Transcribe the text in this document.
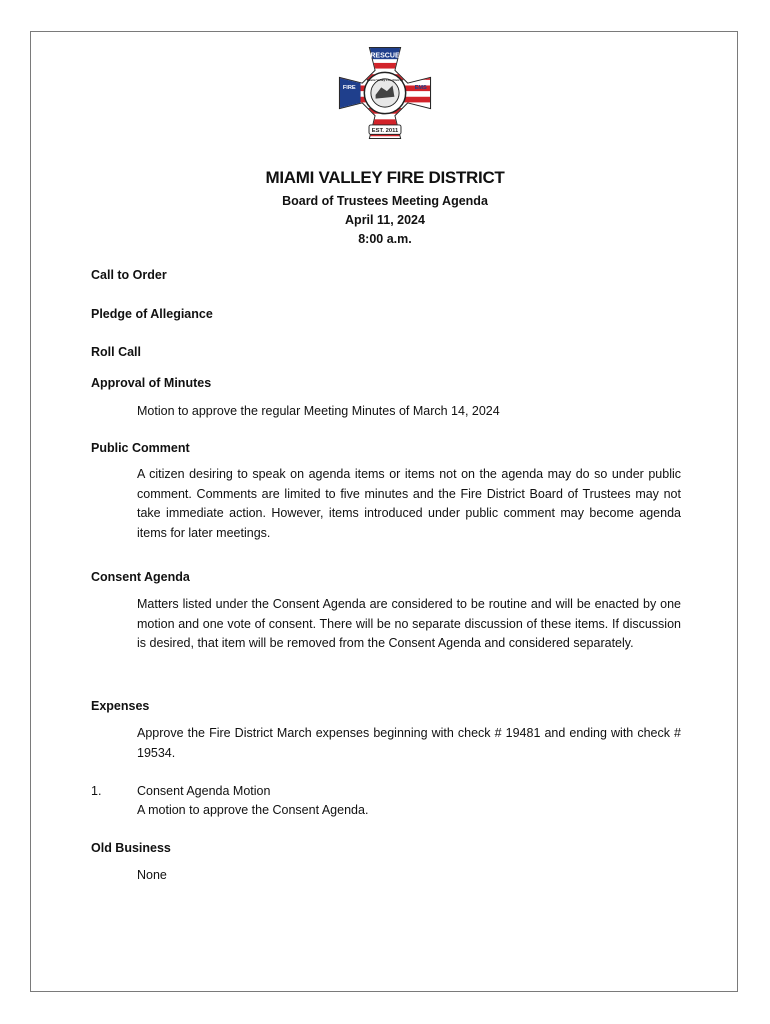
RESCUE
FIRE	EMS
Miami Valley Fire District
EST. 2011
MIAMI VALLEY FIRE DISTRICT
Board of Trustees Meeting Agenda
April 11, 2024
8:00 a.m.
Call to Order
Pledge of Allegiance
Roll Call
Approval of Minutes
Motion to approve the regular Meeting Minutes of March 14, 2024
Public Comment
A citizen desiring to speak on agenda items or items not on the agenda may do so under public comment. Comments are limited to five minutes and the Fire District Board of Trustees may not take immediate action. However, items introduced under public comment may become agenda items for later meetings.
Consent Agenda
Matters listed under the Consent Agenda are considered to be routine and will be enacted by one motion and one vote of consent. There will be no separate discussion of these items. If discussion is desired, that item will be removed from the Consent Agenda and considered separately.
Expenses
Approve the Fire District March expenses beginning with check # 19481 and ending with check # 19534.
1.	Consent Agenda Motion
A motion to approve the Consent Agenda.
Old Business
None
